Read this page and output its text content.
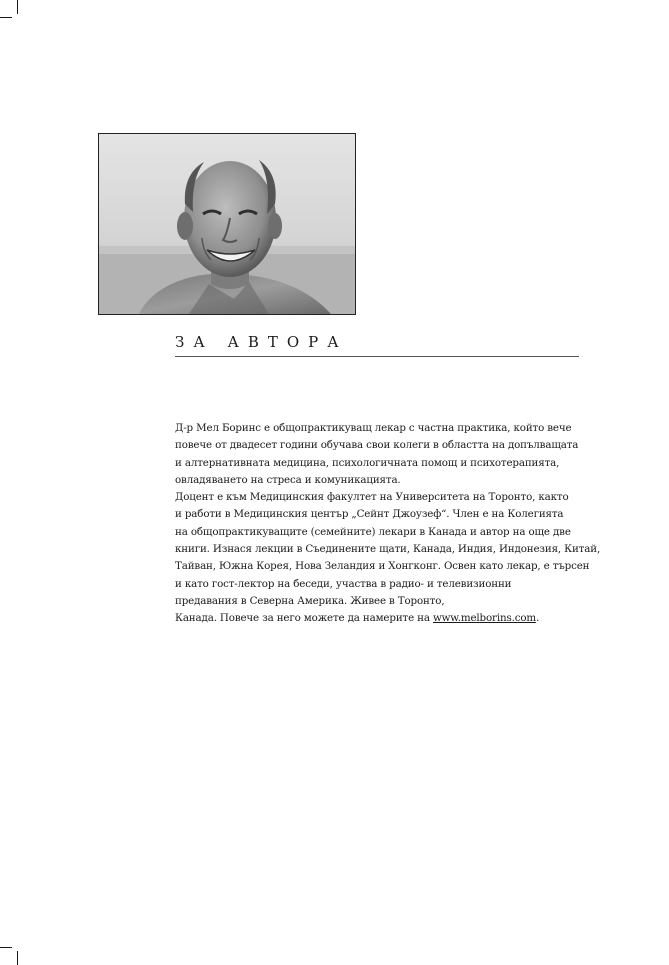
ЗА АВТОРА
Д-р Мел Боринс е общопрактикуващ лекар с частна практика, който вече
повече от двадесет години обучава свои колеги в областта на допълващата
и алтернативната медицина, психологичната помощ и психотерапията,
овладяването на стреса и комуникацията.
Доцент е към Медицинския факултет на Университета на Торонто, както
и работи в Медицинския център „Сейнт Джоузеф“. Член е на Колегията
на общопрактикуващите (семейните) лекари в Канада и автор на още две
книги. Изнася лекции в Съединените щати, Канада, Индия, Индонезия, Китай,
Тайван, Южна Корея, Нова Зеландия и Хонгконг. Освен като лекар, е търсен
и като гост-лектор на беседи, участва в радио- и телевизионни
предавания в Северна Америка. Живее в Торонто,
Канада. Повече за него можете да намерите на www.melborins.com.
